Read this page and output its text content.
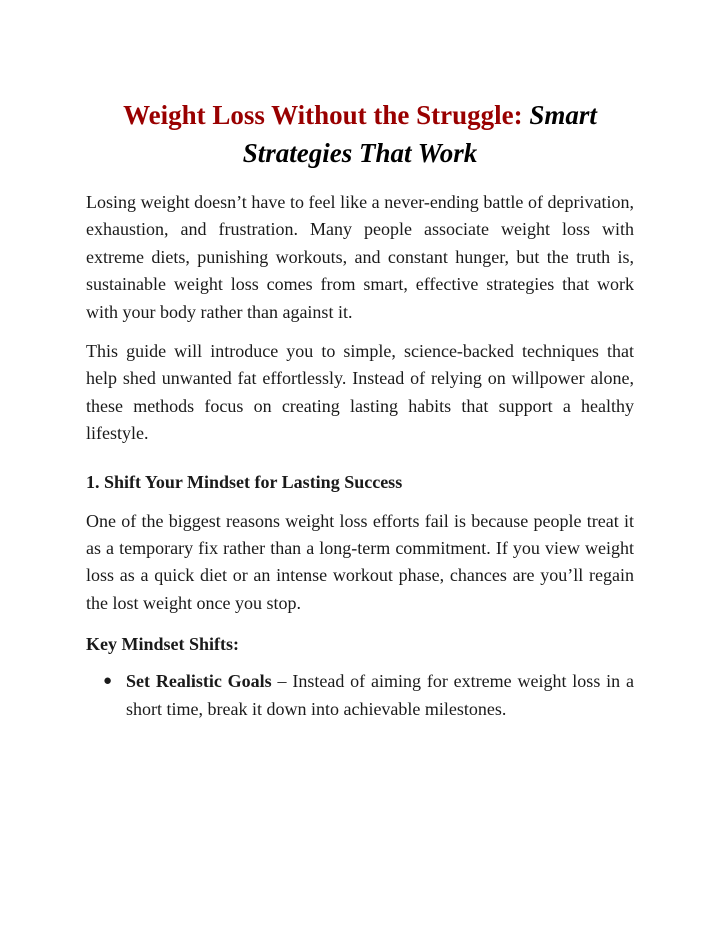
Weight Loss Without the Struggle: Smart Strategies That Work

Losing weight doesn’t have to feel like a never-ending battle of deprivation, exhaustion, and frustration. Many people associate weight loss with extreme diets, punishing workouts, and constant hunger, but the truth is, sustainable weight loss comes from smart, effective strategies that work with your body rather than against it.

This guide will introduce you to simple, science-backed techniques that help shed unwanted fat effortlessly. Instead of relying on willpower alone, these methods focus on creating lasting habits that support a healthy lifestyle.

1. Shift Your Mindset for Lasting Success

One of the biggest reasons weight loss efforts fail is because people treat it as a temporary fix rather than a long-term commitment. If you view weight loss as a quick diet or an intense workout phase, chances are you’ll regain the lost weight once you stop.

Key Mindset Shifts:
● Set Realistic Goals – Instead of aiming for extreme weight loss in a short time, break it down into achievable milestones.
